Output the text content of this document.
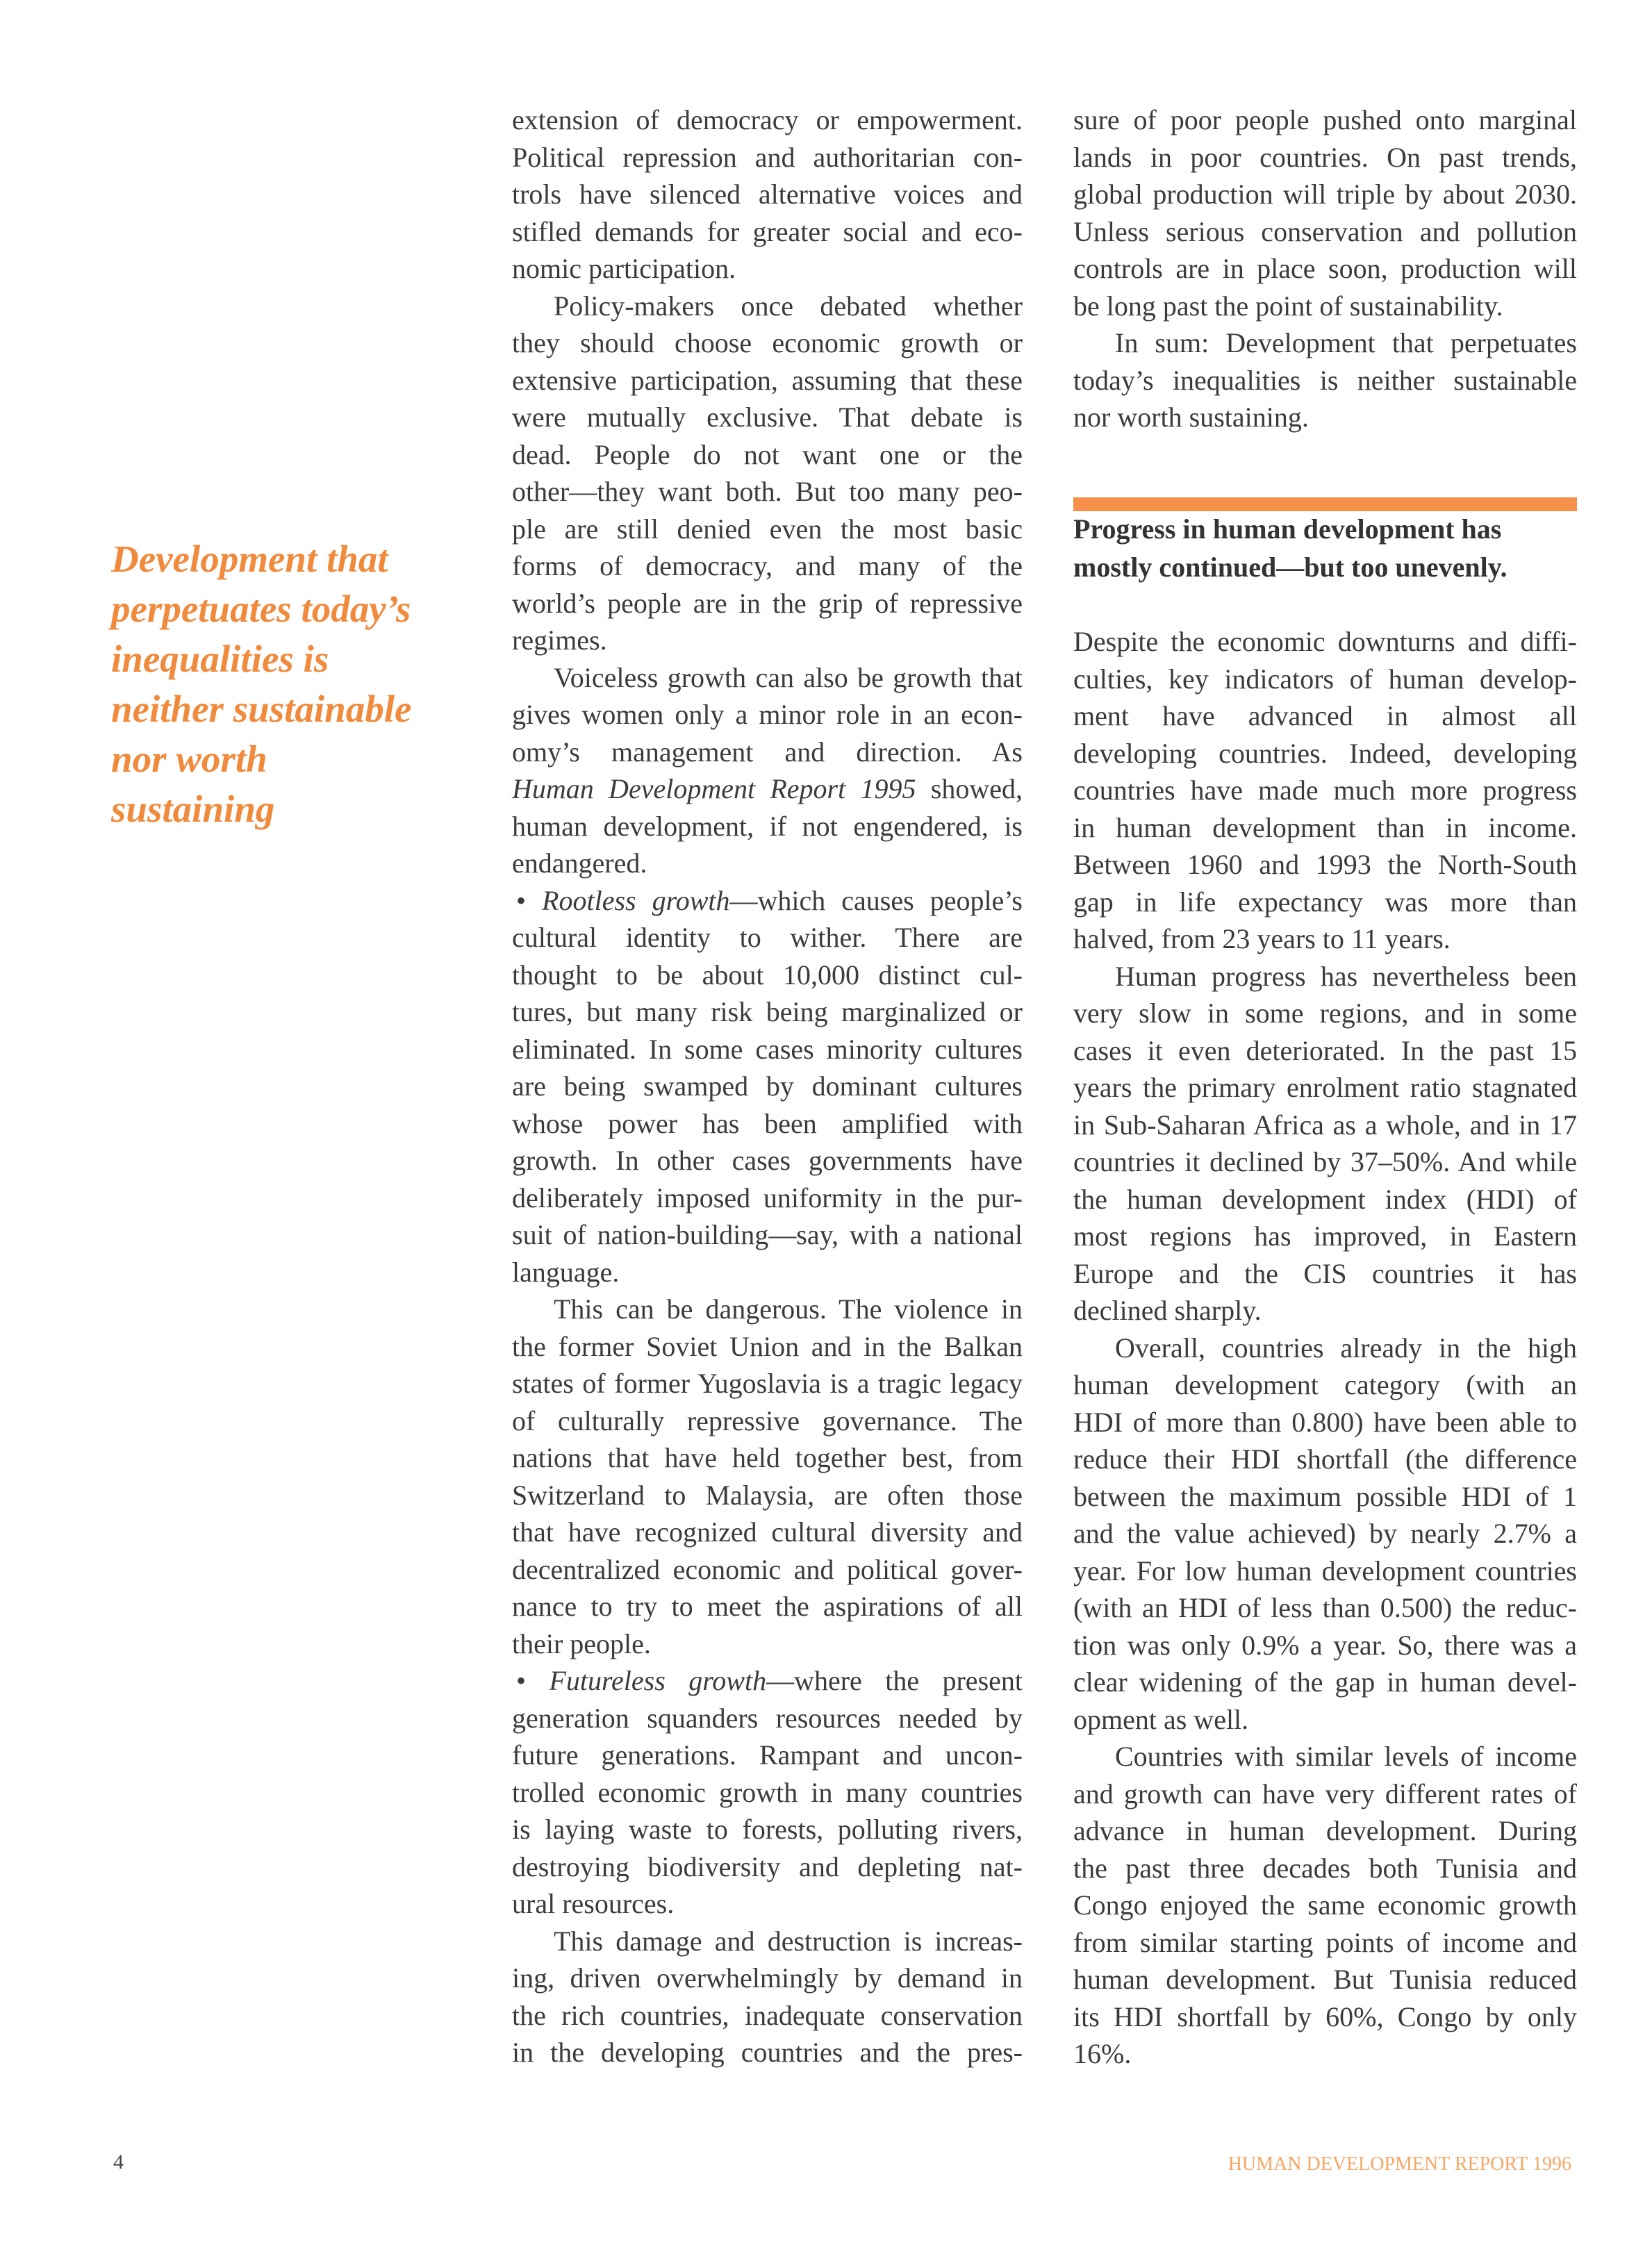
Development that
perpetuates today’s
inequalities is
neither sustainable
nor worth
sustaining
extension of democracy or empowerment.
Political repression and authoritarian con-
trols have silenced alternative voices and
stifled demands for greater social and eco-
nomic participation.
Policy-makers once debated whether
they should choose economic growth or
extensive participation, assuming that these
were mutually exclusive. That debate is
dead. People do not want one or the
other—they want both. But too many peo-
ple are still denied even the most basic
forms of democracy, and many of the
world’s people are in the grip of repressive
regimes.
Voiceless growth can also be growth that
gives women only a minor role in an econ-
omy’s management and direction. As
Human Development Report 1995 showed,
human development, if not engendered, is
endangered.
• Rootless growth—which causes people’s
cultural identity to wither. There are
thought to be about 10,000 distinct cul-
tures, but many risk being marginalized or
eliminated. In some cases minority cultures
are being swamped by dominant cultures
whose power has been amplified with
growth. In other cases governments have
deliberately imposed uniformity in the pur-
suit of nation-building—say, with a national
language.
This can be dangerous. The violence in
the former Soviet Union and in the Balkan
states of former Yugoslavia is a tragic legacy
of culturally repressive governance. The
nations that have held together best, from
Switzerland to Malaysia, are often those
that have recognized cultural diversity and
decentralized economic and political gover-
nance to try to meet the aspirations of all
their people.
• Futureless growth—where the present
generation squanders resources needed by
future generations. Rampant and uncon-
trolled economic growth in many countries
is laying waste to forests, polluting rivers,
destroying biodiversity and depleting nat-
ural resources.
This damage and destruction is increas-
ing, driven overwhelmingly by demand in
the rich countries, inadequate conservation
in the developing countries and the pres-
sure of poor people pushed onto marginal
lands in poor countries. On past trends,
global production will triple by about 2030.
Unless serious conservation and pollution
controls are in place soon, production will
be long past the point of sustainability.
In sum: Development that perpetuates
today’s inequalities is neither sustainable
nor worth sustaining.
Progress in human development has
mostly continued—but too unevenly.
Despite the economic downturns and diffi-
culties, key indicators of human develop-
ment have advanced in almost all
developing countries. Indeed, developing
countries have made much more progress
in human development than in income.
Between 1960 and 1993 the North-South
gap in life expectancy was more than
halved, from 23 years to 11 years.
Human progress has nevertheless been
very slow in some regions, and in some
cases it even deteriorated. In the past 15
years the primary enrolment ratio stagnated
in Sub-Saharan Africa as a whole, and in 17
countries it declined by 37–50%. And while
the human development index (HDI) of
most regions has improved, in Eastern
Europe and the CIS countries it has
declined sharply.
Overall, countries already in the high
human development category (with an
HDI of more than 0.800) have been able to
reduce their HDI shortfall (the difference
between the maximum possible HDI of 1
and the value achieved) by nearly 2.7% a
year. For low human development countries
(with an HDI of less than 0.500) the reduc-
tion was only 0.9% a year. So, there was a
clear widening of the gap in human devel-
opment as well.
Countries with similar levels of income
and growth can have very different rates of
advance in human development. During
the past three decades both Tunisia and
Congo enjoyed the same economic growth
from similar starting points of income and
human development. But Tunisia reduced
its HDI shortfall by 60%, Congo by only
16%.
4	HUMAN DEVELOPMENT REPORT 1996
